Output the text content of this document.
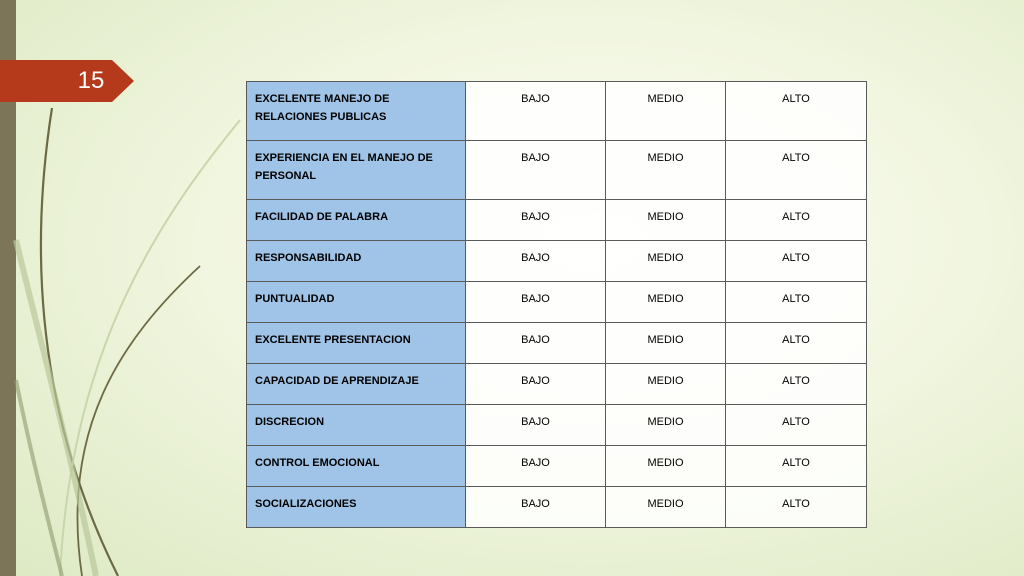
15
EXCELENTE MANEJO DE RELACIONES PUBLICAS	BAJO	MEDIO	ALTO
EXPERIENCIA EN EL MANEJO DE PERSONAL	BAJO	MEDIO	ALTO
FACILIDAD DE PALABRA	BAJO	MEDIO	ALTO
RESPONSABILIDAD	BAJO	MEDIO	ALTO
PUNTUALIDAD	BAJO	MEDIO	ALTO
EXCELENTE PRESENTACION	BAJO	MEDIO	ALTO
CAPACIDAD DE APRENDIZAJE	BAJO	MEDIO	ALTO
DISCRECION	BAJO	MEDIO	ALTO
CONTROL EMOCIONAL	BAJO	MEDIO	ALTO
SOCIALIZACIONES	BAJO	MEDIO	ALTO
